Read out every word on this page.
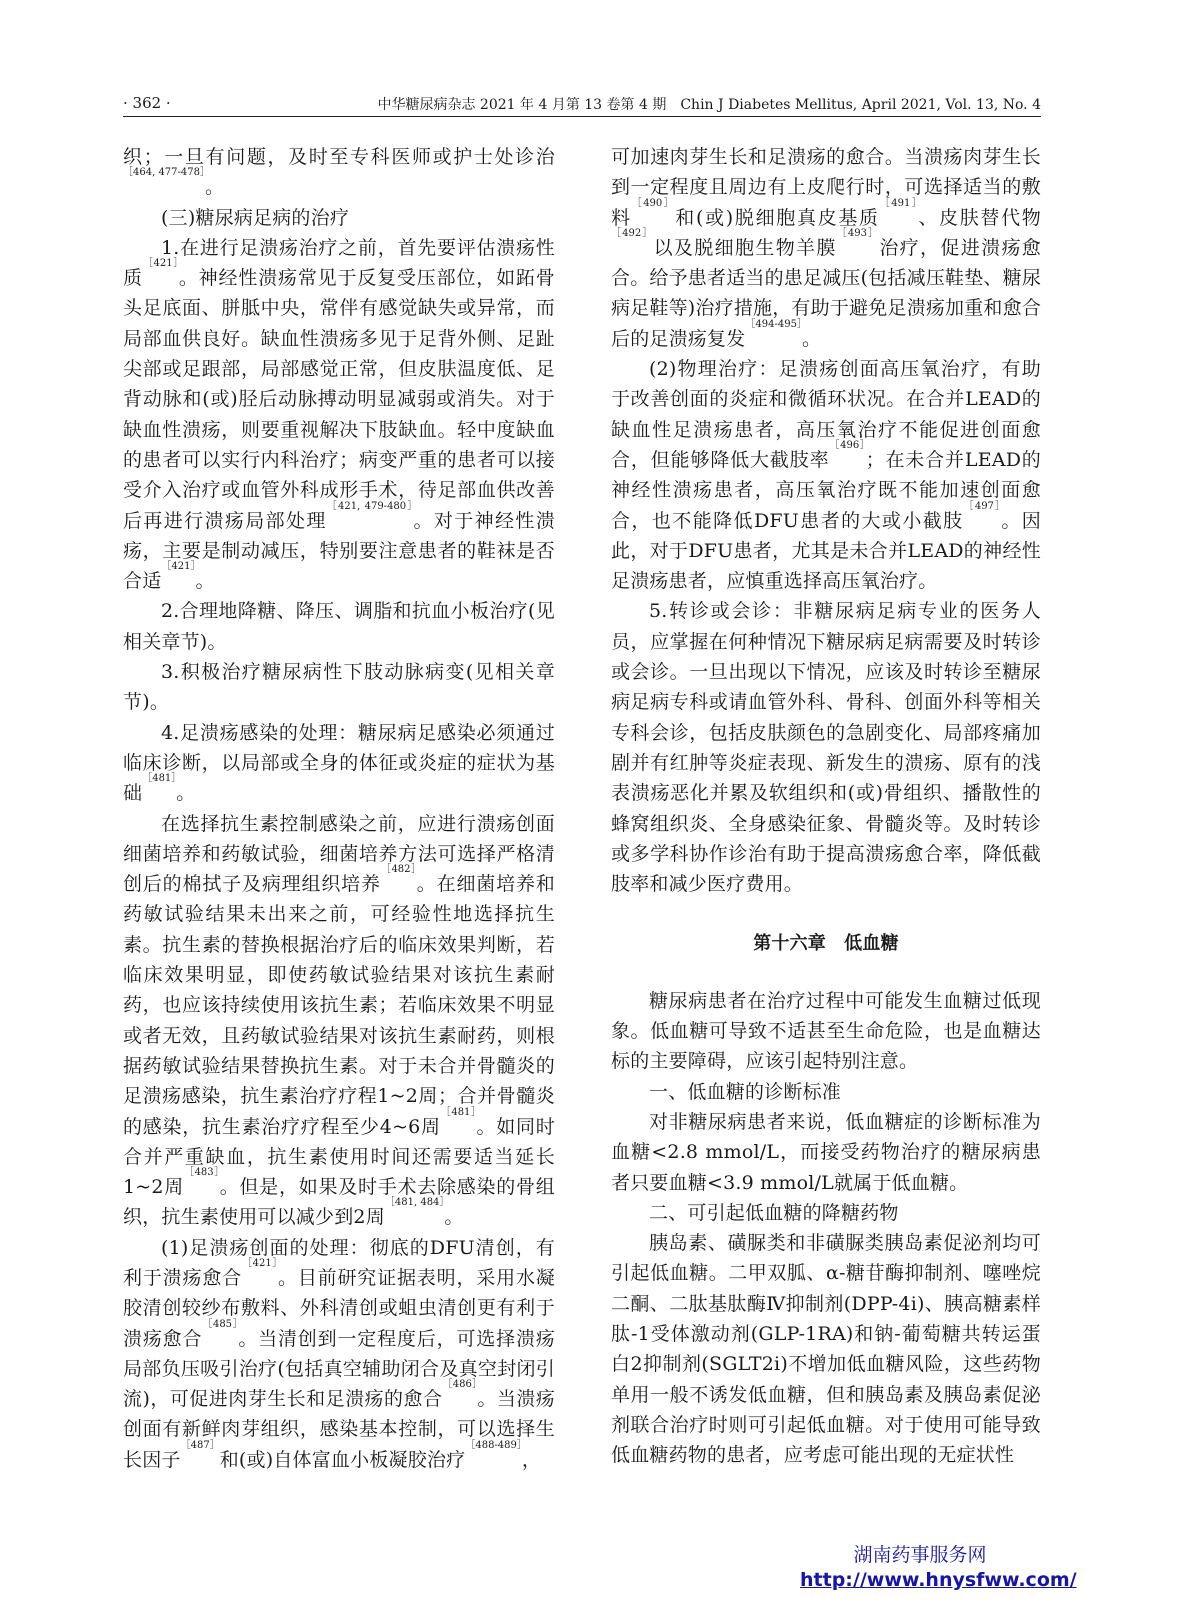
· 362 ·	中华糖尿病杂志 2021 年 4 月第 13 卷第 4 期　Chin J Diabetes Mellitus, April 2021, Vol. 13, No. 4

织；一旦有问题，及时至专科医师或护士处诊治$^{[464, 477-478]}$。

(三)糖尿病足病的治疗

1.在进行足溃疡治疗之前，首先要评估溃疡性质$^{[421]}$。神经性溃疡常见于反复受压部位，如跖骨头足底面、胼胝中央，常伴有感觉缺失或异常，而局部血供良好。缺血性溃疡多见于足背外侧、足趾尖部或足跟部，局部感觉正常，但皮肤温度低、足背动脉和(或)胫后动脉搏动明显减弱或消失。对于缺血性溃疡，则要重视解决下肢缺血。轻中度缺血的患者可以实行内科治疗；病变严重的患者可以接受介入治疗或血管外科成形手术，待足部血供改善后再进行溃疡局部处理$^{[421, 479-480]}$。对于神经性溃疡，主要是制动减压，特别要注意患者的鞋袜是否合适$^{[421]}$。

2.合理地降糖、降压、调脂和抗血小板治疗(见相关章节)。

3.积极治疗糖尿病性下肢动脉病变(见相关章节)。

4.足溃疡感染的处理：糖尿病足感染必须通过临床诊断，以局部或全身的体征或炎症的症状为基础$^{[481]}$。

在选择抗生素控制感染之前，应进行溃疡创面细菌培养和药敏试验，细菌培养方法可选择严格清创后的棉拭子及病理组织培养$^{[482]}$。在细菌培养和药敏试验结果未出来之前，可经验性地选择抗生素。抗生素的替换根据治疗后的临床效果判断，若临床效果明显，即使药敏试验结果对该抗生素耐药，也应该持续使用该抗生素；若临床效果不明显或者无效，且药敏试验结果对该抗生素耐药，则根据药敏试验结果替换抗生素。对于未合并骨髓炎的足溃疡感染，抗生素治疗疗程1~2周；合并骨髓炎的感染，抗生素治疗疗程至少4~6周$^{[481]}$。如同时合并严重缺血，抗生素使用时间还需要适当延长1~2周$^{[483]}$。但是，如果及时手术去除感染的骨组织，抗生素使用可以减少到2周$^{[481, 484]}$。

(1)足溃疡创面的处理：彻底的DFU清创，有利于溃疡愈合$^{[421]}$。目前研究证据表明，采用水凝胶清创较纱布敷料、外科清创或蛆虫清创更有利于溃疡愈合$^{[485]}$。当清创到一定程度后，可选择溃疡局部负压吸引治疗(包括真空辅助闭合及真空封闭引流)，可促进肉芽生长和足溃疡的愈合$^{[486]}$。当溃疡创面有新鲜肉芽组织，感染基本控制，可以选择生长因子$^{[487]}$和(或)自体富血小板凝胶治疗$^{[488-489]}$，

可加速肉芽生长和足溃疡的愈合。当溃疡肉芽生长到一定程度且周边有上皮爬行时，可选择适当的敷料$^{[490]}$和(或)脱细胞真皮基质$^{[491]}$、皮肤替代物$^{[492]}$以及脱细胞生物羊膜$^{[493]}$治疗，促进溃疡愈合。给予患者适当的患足减压(包括减压鞋垫、糖尿病足鞋等)治疗措施，有助于避免足溃疡加重和愈合后的足溃疡复发$^{[494-495]}$。

(2)物理治疗：足溃疡创面高压氧治疗，有助于改善创面的炎症和微循环状况。在合并LEAD的缺血性足溃疡患者，高压氧治疗不能促进创面愈合，但能够降低大截肢率$^{[496]}$；在未合并LEAD的神经性溃疡患者，高压氧治疗既不能加速创面愈合，也不能降低DFU患者的大或小截肢$^{[497]}$。因此，对于DFU患者，尤其是未合并LEAD的神经性足溃疡患者，应慎重选择高压氧治疗。

5.转诊或会诊：非糖尿病足病专业的医务人员，应掌握在何种情况下糖尿病足病需要及时转诊或会诊。一旦出现以下情况，应该及时转诊至糖尿病足病专科或请血管外科、骨科、创面外科等相关专科会诊，包括皮肤颜色的急剧变化、局部疼痛加剧并有红肿等炎症表现、新发生的溃疡、原有的浅表溃疡恶化并累及软组织和(或)骨组织、播散性的蜂窝组织炎、全身感染征象、骨髓炎等。及时转诊或多学科协作诊治有助于提高溃疡愈合率，降低截肢率和减少医疗费用。

第十六章　低血糖

糖尿病患者在治疗过程中可能发生血糖过低现象。低血糖可导致不适甚至生命危险，也是血糖达标的主要障碍，应该引起特别注意。

一、低血糖的诊断标准

对非糖尿病患者来说，低血糖症的诊断标准为血糖<2.8 mmol/L，而接受药物治疗的糖尿病患者只要血糖<3.9 mmol/L就属于低血糖。

二、可引起低血糖的降糖药物

胰岛素、磺脲类和非磺脲类胰岛素促泌剂均可引起低血糖。二甲双胍、α-糖苷酶抑制剂、噻唑烷二酮、二肽基肽酶Ⅳ抑制剂(DPP-4i)、胰高糖素样肽-1受体激动剂(GLP-1RA)和钠-葡萄糖共转运蛋白2抑制剂(SGLT2i)不增加低血糖风险，这些药物单用一般不诱发低血糖，但和胰岛素及胰岛素促泌剂联合治疗时则可引起低血糖。对于使用可能导致低血糖药物的患者，应考虑可能出现的无症状性

湖南药事服务网
http://www.hnysfww.com/
